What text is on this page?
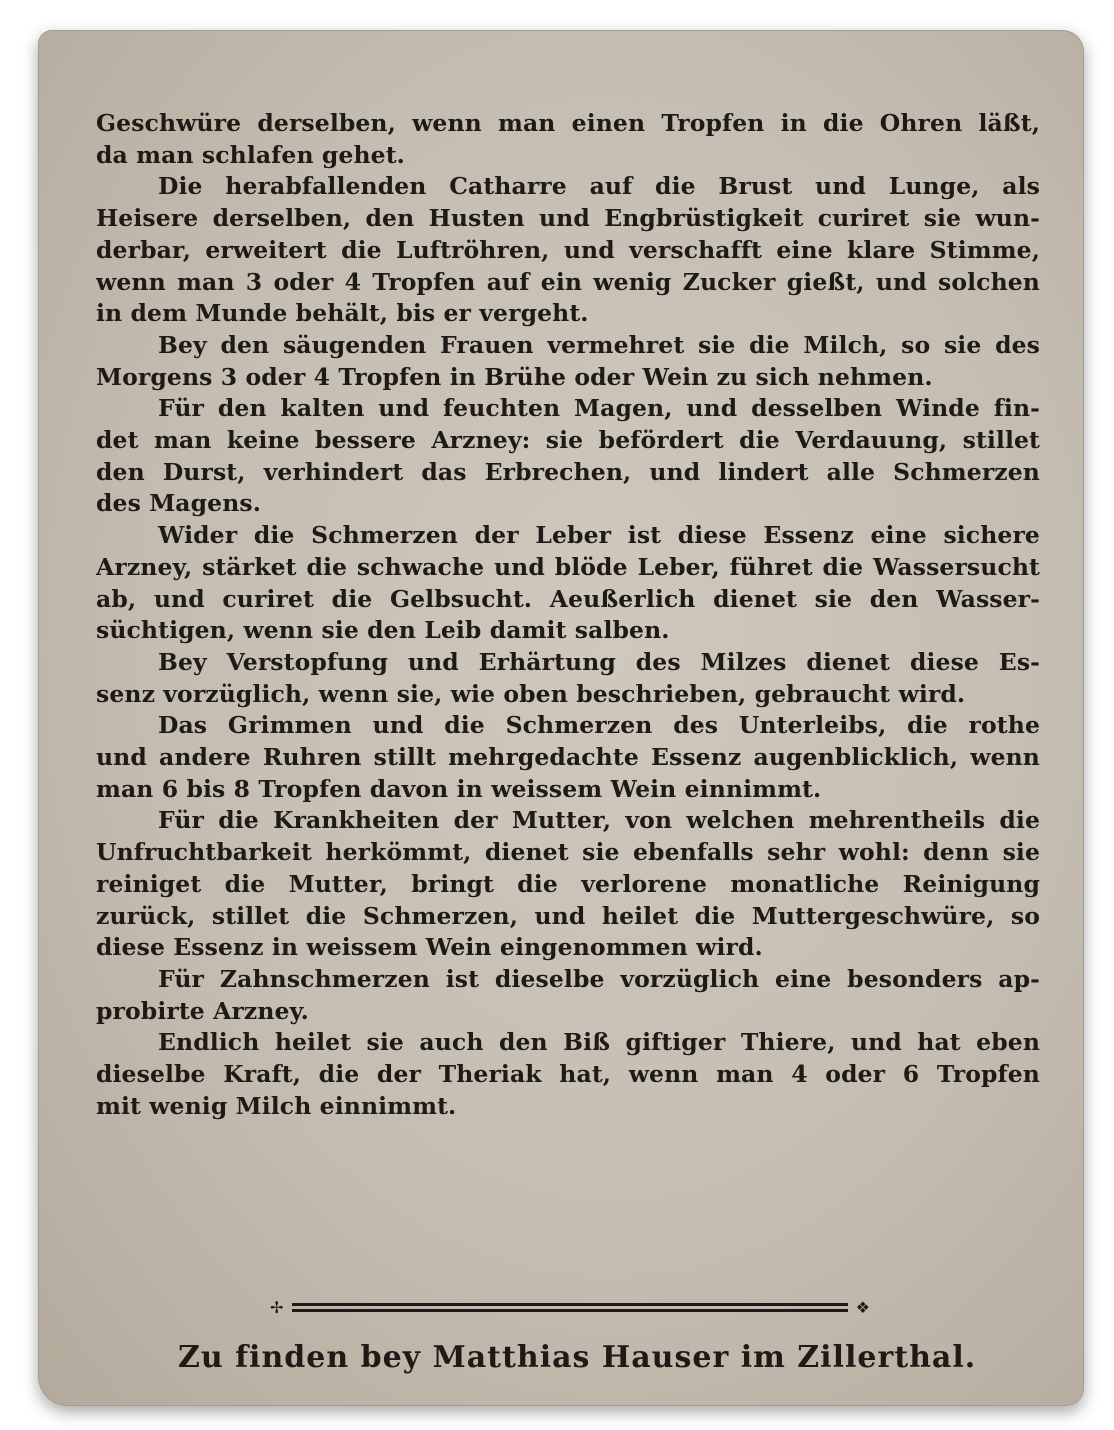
Geschwüre derselben, wenn man einen Tropfen in die Ohren läßt,
da man schlafen gehet.
Die herabfallenden Catharre auf die Brust und Lunge, als
Heisere derselben, den Husten und Engbrüstigkeit curiret sie wun-
derbar, erweitert die Luftröhren, und verschafft eine klare Stimme,
wenn man 3 oder 4 Tropfen auf ein wenig Zucker gießt, und solchen
in dem Munde behält, bis er vergeht.
Bey den säugenden Frauen vermehret sie die Milch, so sie des
Morgens 3 oder 4 Tropfen in Brühe oder Wein zu sich nehmen.
Für den kalten und feuchten Magen, und desselben Winde fin-
det man keine bessere Arzney: sie befördert die Verdauung, stillet
den Durst, verhindert das Erbrechen, und lindert alle Schmerzen
des Magens.
Wider die Schmerzen der Leber ist diese Essenz eine sichere
Arzney, stärket die schwache und blöde Leber, führet die Wassersucht
ab, und curiret die Gelbsucht. Aeußerlich dienet sie den Wasser-
süchtigen, wenn sie den Leib damit salben.
Bey Verstopfung und Erhärtung des Milzes dienet diese Es-
senz vorzüglich, wenn sie, wie oben beschrieben, gebraucht wird.
Das Grimmen und die Schmerzen des Unterleibs, die rothe
und andere Ruhren stillt mehrgedachte Essenz augenblicklich, wenn
man 6 bis 8 Tropfen davon in weissem Wein einnimmt.
Für die Krankheiten der Mutter, von welchen mehrentheils die
Unfruchtbarkeit herkömmt, dienet sie ebenfalls sehr wohl: denn sie
reiniget die Mutter, bringt die verlorene monatliche Reinigung
zurück, stillet die Schmerzen, und heilet die Muttergeschwüre, so
diese Essenz in weissem Wein eingenommen wird.
Für Zahnschmerzen ist dieselbe vorzüglich eine besonders ap-
probirte Arzney.
Endlich heilet sie auch den Biß giftiger Thiere, und hat eben
dieselbe Kraft, die der Theriak hat, wenn man 4 oder 6 Tropfen
mit wenig Milch einnimmt.
✢	❖
Zu finden bey Matthias Hauser im Zillerthal.
